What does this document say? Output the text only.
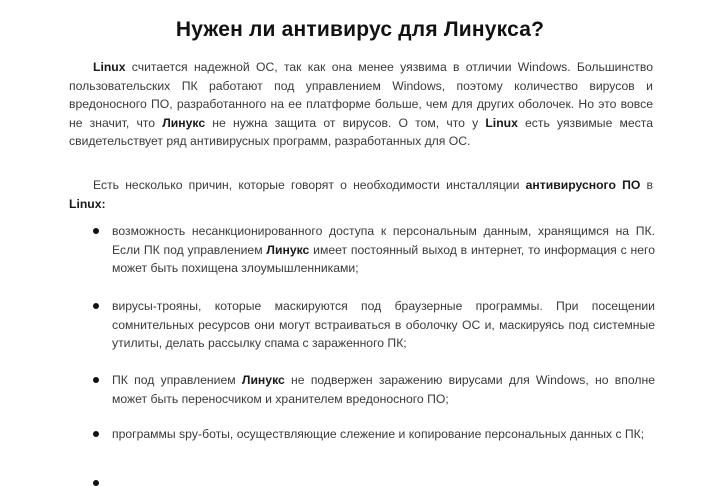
Нужен ли антивирус для Линукса?

Linux считается надежной ОС, так как она менее уязвима в отличии Windows. Большинство пользовательских ПК работают под управлением Windows, поэтому количество вирусов и вредоносного ПО, разработанного на ее платформе больше, чем для других оболочек. Но это вовсе не значит, что Линукс не нужна защита от вирусов. О том, что у Linux есть уязвимые места свидетельствует ряд антивирусных программ, разработанных для ОС.

Есть несколько причин, которые говорят о необходимости инсталляции антивирусного ПО в Linux:

возможность несанкционированного доступа к персональным данным, хранящимся на ПК. Если ПК под управлением Линукс имеет постоянный выход в интернет, то информация с него может быть похищена злоумышленниками;

вирусы-трояны, которые маскируются под браузерные программы. При посещении сомнительных ресурсов они могут встраиваться в оболочку ОС и, маскируясь под системные утилиты, делать рассылку спама с зараженного ПК;

ПК под управлением Линукс не подвержен заражению вирусами для Windows, но вполне может быть переносчиком и хранителем вредоносного ПО;

программы spy-боты, осуществляющие слежение и копирование персональных данных с ПК;
